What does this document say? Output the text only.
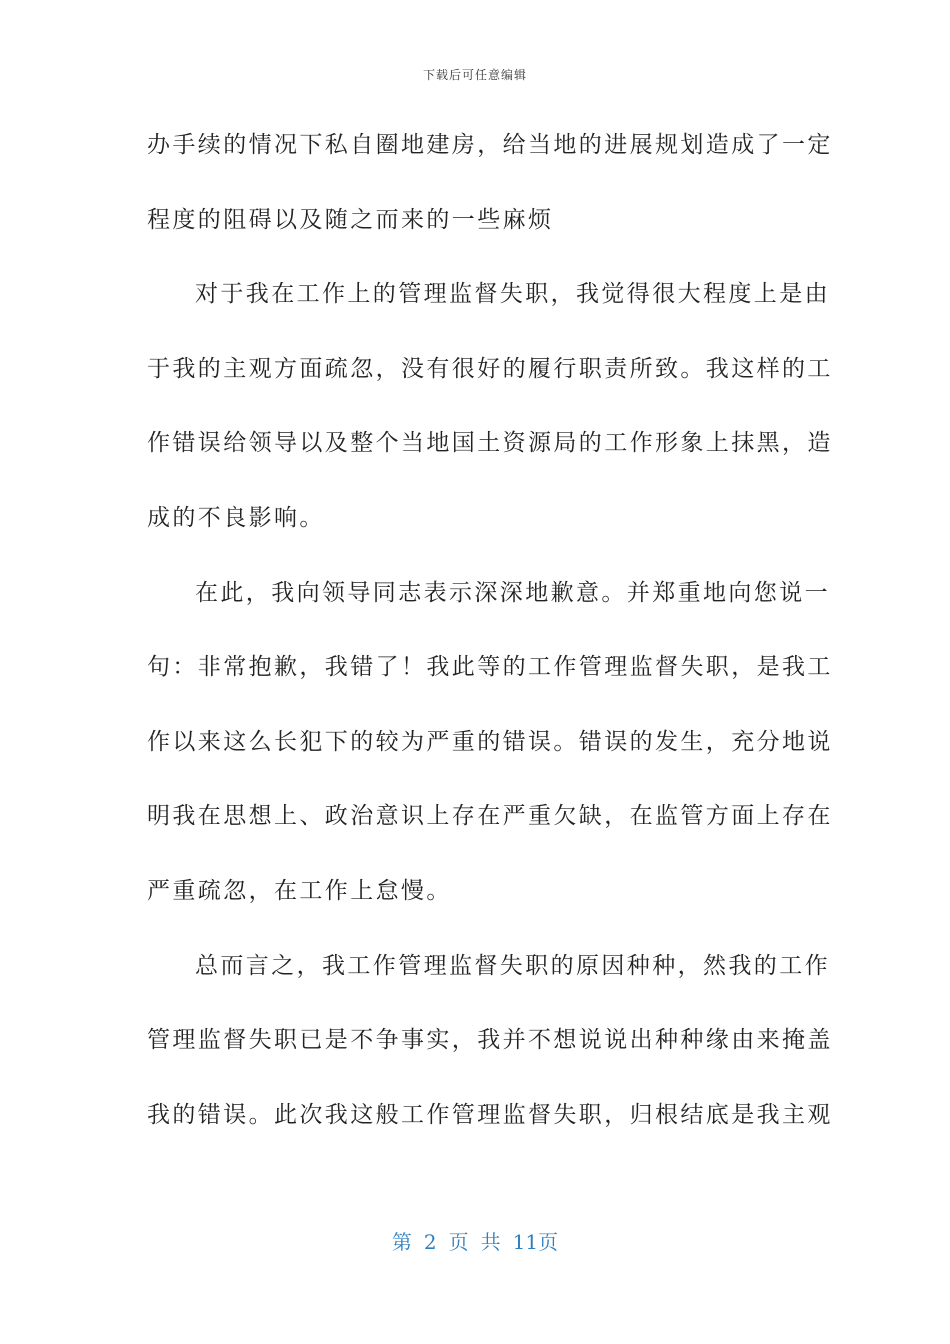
下载后可任意编辑
办手续的情况下私自圈地建房，给当地的进展规划造成了一定
程度的阻碍以及随之而来的一些麻烦
对于我在工作上的管理监督失职，我觉得很大程度上是由
于我的主观方面疏忽，没有很好的履行职责所致。我这样的工
作错误给领导以及整个当地国土资源局的工作形象上抹黑，造
成的不良影响。
在此，我向领导同志表示深深地歉意。并郑重地向您说一
句：非常抱歉，我错了！我此等的工作管理监督失职，是我工
作以来这么长犯下的较为严重的错误。错误的发生，充分地说
明我在思想上、政治意识上存在严重欠缺，在监管方面上存在
严重疏忽，在工作上怠慢。
总而言之，我工作管理监督失职的原因种种，然我的工作
管理监督失职已是不争事实，我并不想说说出种种缘由来掩盖
我的错误。此次我这般工作管理监督失职，归根结底是我主观
第 2 页 共 11页
